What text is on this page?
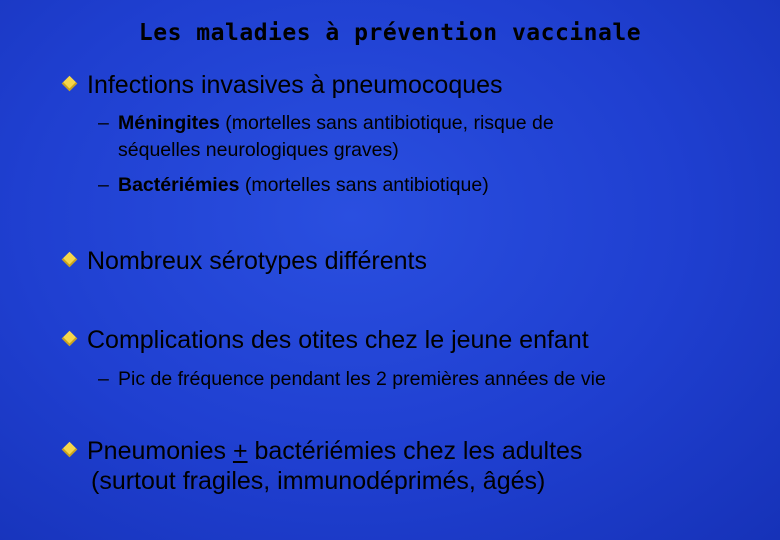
Les maladies à prévention vaccinale
Infections invasives à pneumocoques
– Méningites (mortelles sans antibiotique, risque de
séquelles neurologiques graves)
– Bactériémies (mortelles sans antibiotique)
Nombreux sérotypes différents
Complications des otites chez le jeune enfant
– Pic de fréquence pendant les 2 premières années de vie
Pneumonies + bactériémies chez les adultes
(surtout fragiles, immunodéprimés, âgés)
